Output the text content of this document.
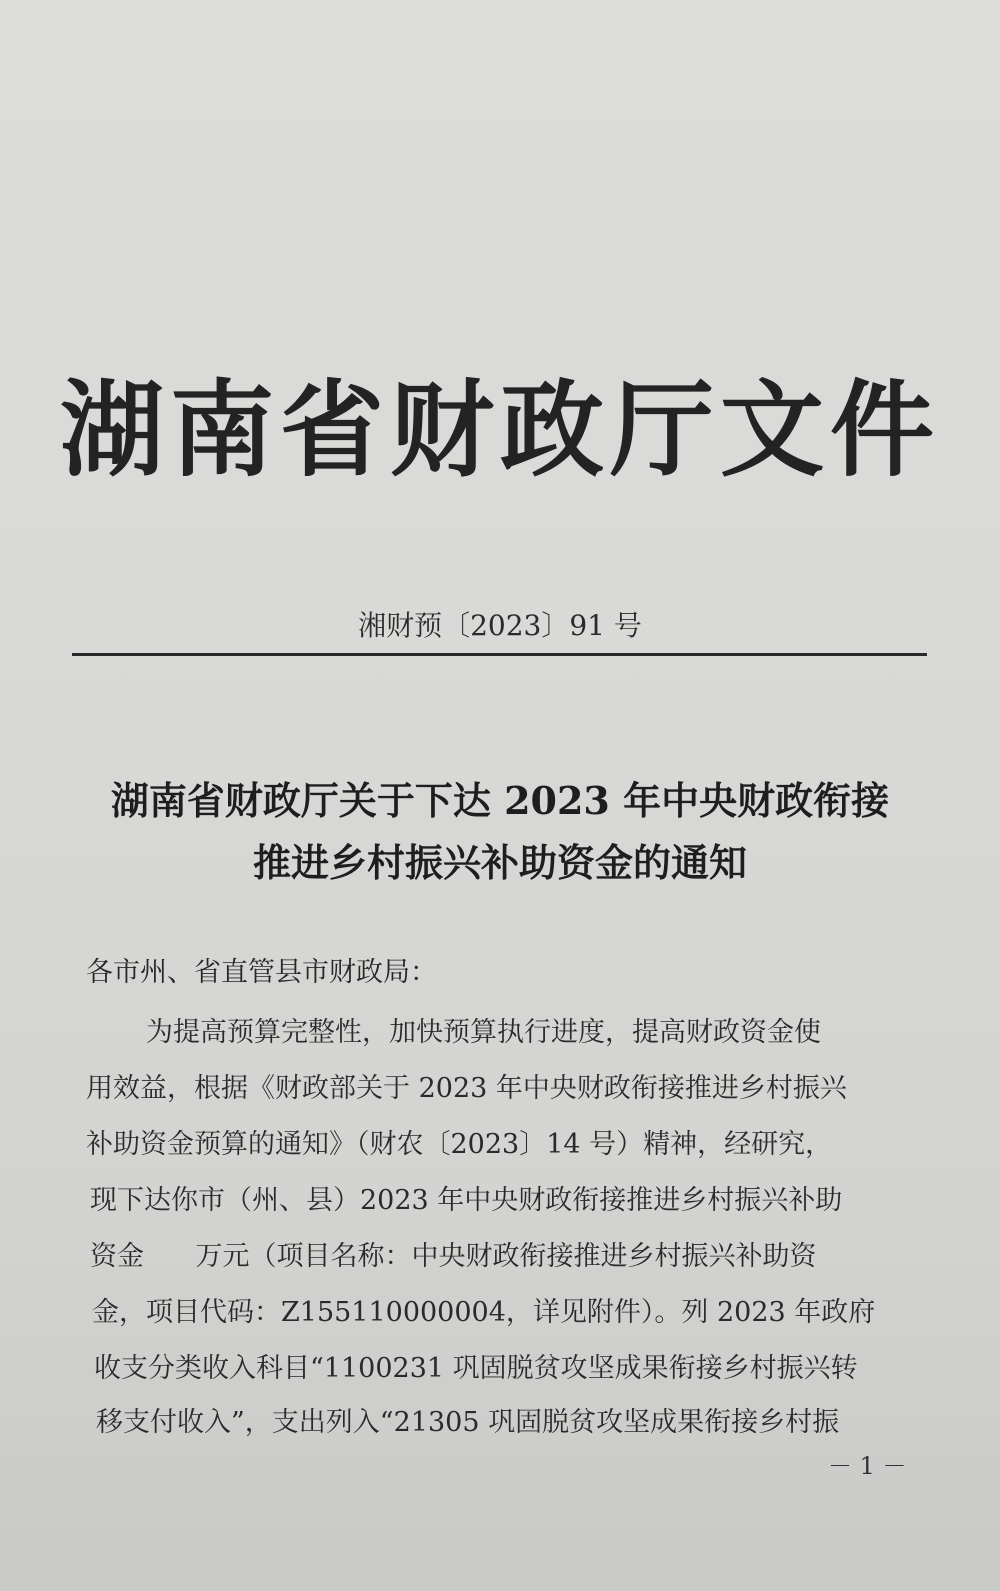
湖南省财政厅文件
湘财预〔2023〕91 号
湖南省财政厅关于下达 2023 年中央财政衔接
推进乡村振兴补助资金的通知
各市州、省直管县市财政局：
为提高预算完整性，加快预算执行进度，提高财政资金使
用效益，根据《财政部关于 2023 年中央财政衔接推进乡村振兴
补助资金预算的通知》（财农〔2023〕14 号）精神，经研究，
现下达你市（州、县）2023 年中央财政衔接推进乡村振兴补助
资金      万元（项目名称：中央财政衔接推进乡村振兴补助资
金，项目代码：Z155110000004，详见附件）。列 2023 年政府
收支分类收入科目“1100231 巩固脱贫攻坚成果衔接乡村振兴转
移支付收入”，支出列入“21305 巩固脱贫攻坚成果衔接乡村振
－ 1 －
